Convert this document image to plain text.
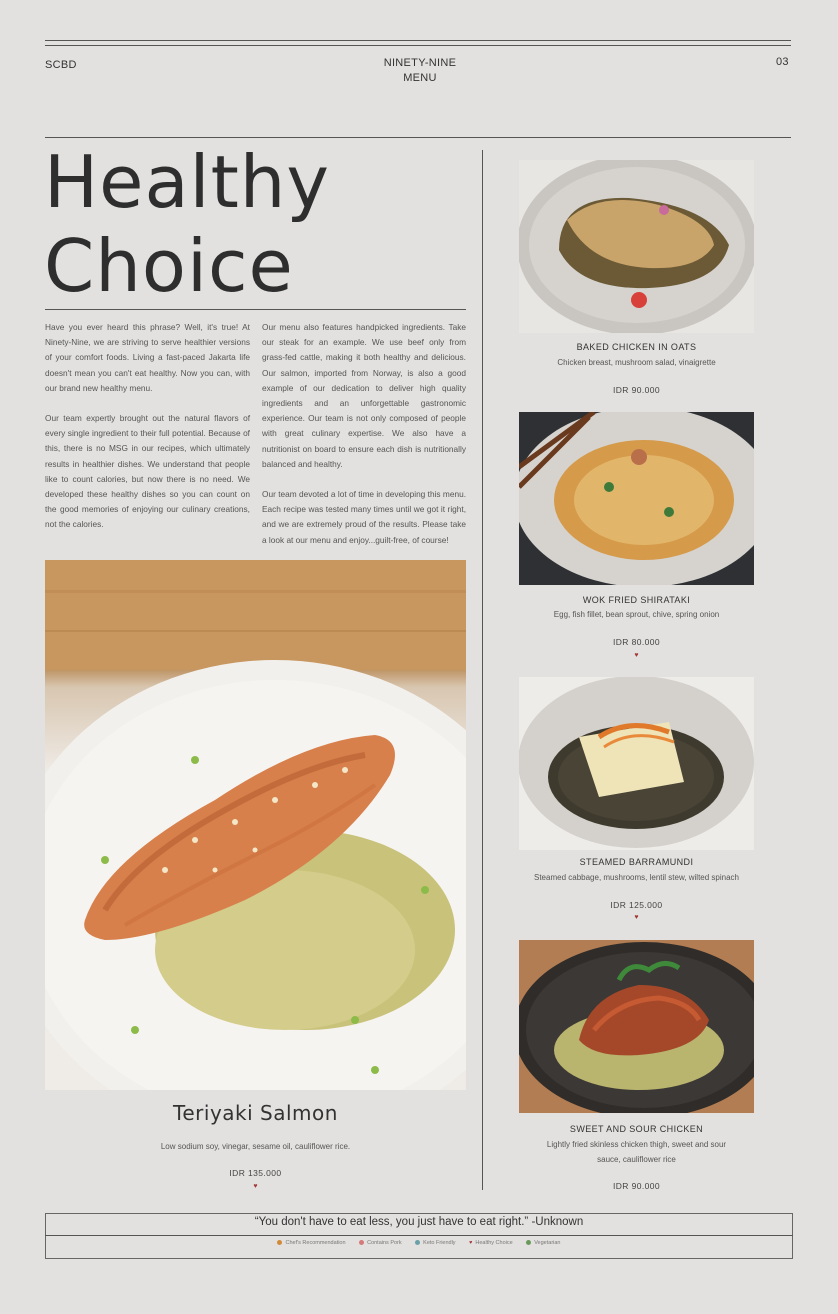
SCBD	NINETY-NINE
MENU
03
Healthy
Choice

Have you ever heard this phrase? Well, it's true! At Ninety-Nine, we are striving to serve healthier versions of your comfort foods. Living a fast-paced Jakarta life doesn't mean you can't eat healthy. Now you can, with our brand new healthy menu.

Our team expertly brought out the natural flavors of every single ingredient to their full potential. Because of this, there is no MSG in our recipes, which ultimately results in healthier dishes. We understand that people like to count calories, but now there is no need. We developed these healthy dishes so you can count on the good memories of enjoying our culinary creations, not the calories.

Our menu also features handpicked ingredients. Take our steak for an example. We use beef only from grass-fed cattle, making it both healthy and delicious. Our salmon, imported from Norway, is also a good example of our dedication to deliver high quality ingredients and an unforgettable gastronomic experience. Our team is not only composed of people with great culinary expertise. We also have a nutritionist on board to ensure each dish is nutritionally balanced and healthy.

Our team devoted a lot of time in developing this menu. Each recipe was tested many times until we got it right, and we are extremely proud of the results. Please take a look at our menu and enjoy...guilt-free, of course!

Teriyaki Salmon
Low sodium soy, vinegar, sesame oil, cauliflower rice.
IDR 135.000
♥
BAKED CHICKEN IN OATS
Chicken breast, mushroom salad, vinaigrette
IDR 90.000
WOK FRIED SHIRATAKI
Egg, fish fillet, bean sprout, chive, spring onion
IDR 80.000
♥
STEAMED BARRAMUNDI
Steamed cabbage, mushrooms, lentil stew, wilted spinach
IDR 125.000
♥
SWEET AND SOUR CHICKEN
Lightly fried skinless chicken thigh, sweet and sour sauce, cauliflower rice
IDR 90.000
“You don't have to eat less, you just have to eat right.” -Unknown
Chef's Recommendation	Contains Pork	Keto Friendly ♥ Healthy Choice	Vegetarian
